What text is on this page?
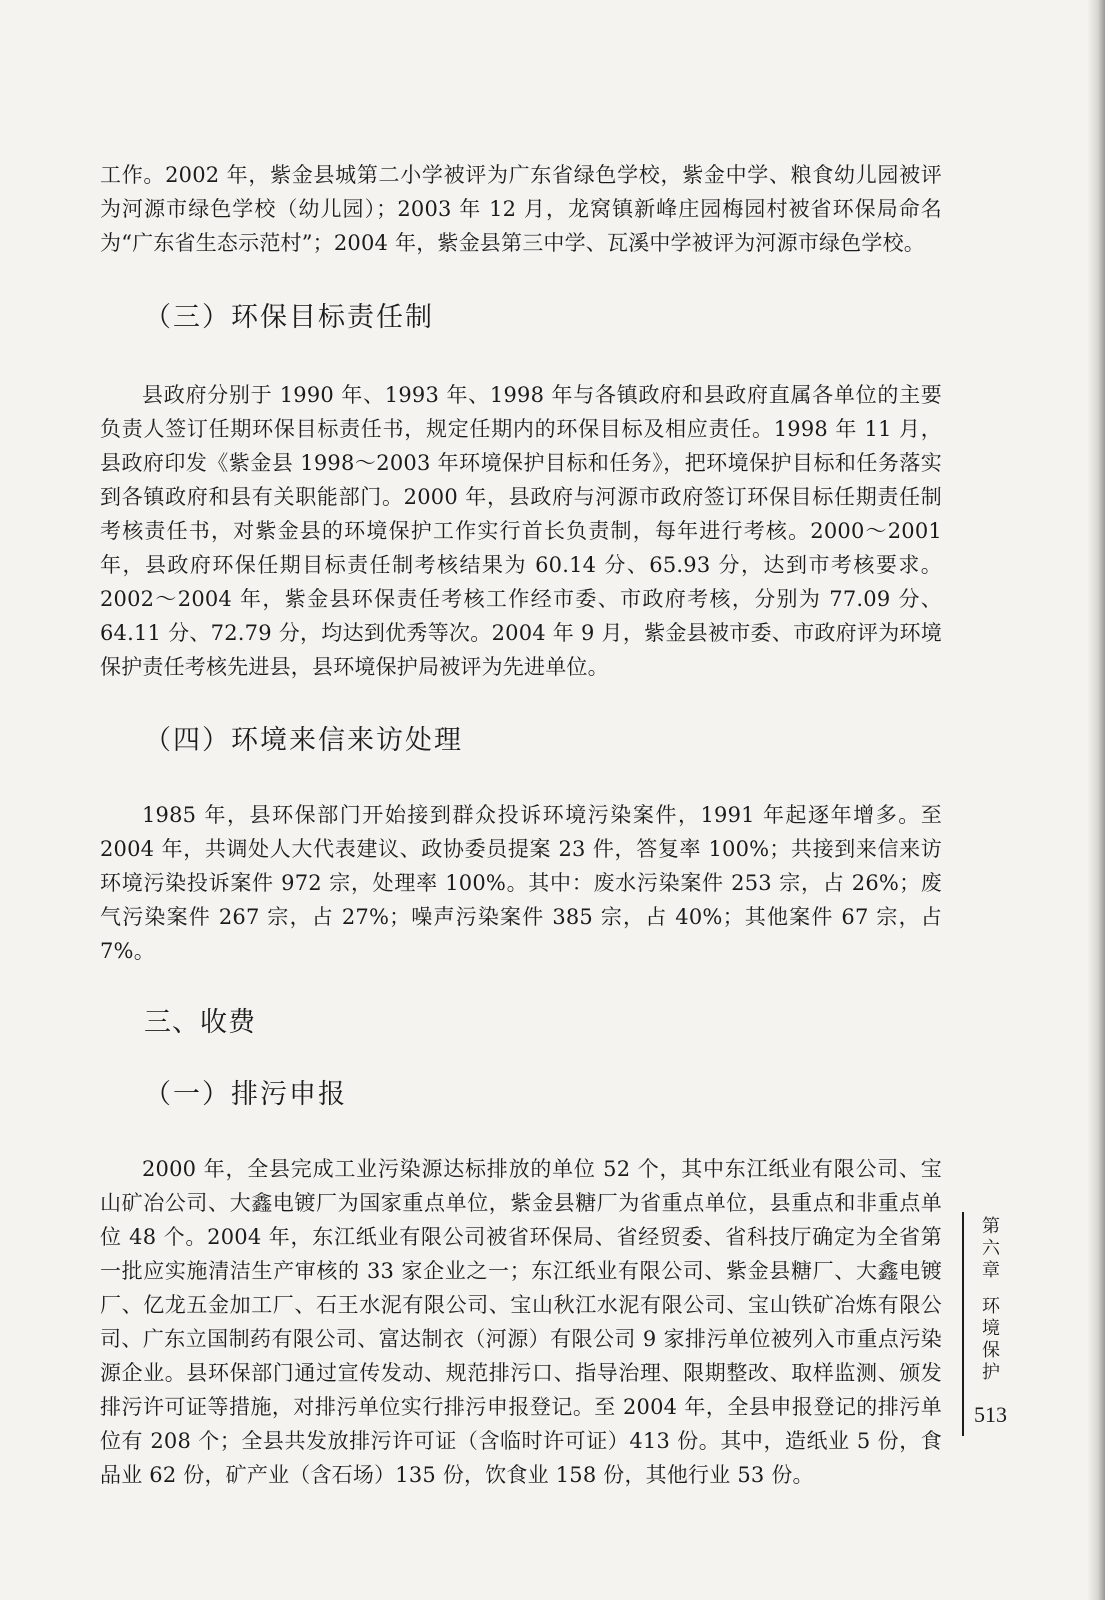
工作。2002 年，紫金县城第二小学被评为广东省绿色学校，紫金中学、粮食幼儿园被评为河源市绿色学校（幼儿园）；2003 年 12 月，龙窝镇新峰庄园梅园村被省环保局命名为“广东省生态示范村”；2004 年，紫金县第三中学、瓦溪中学被评为河源市绿色学校。

（三）环保目标责任制

县政府分别于 1990 年、1993 年、1998 年与各镇政府和县政府直属各单位的主要负责人签订任期环保目标责任书，规定任期内的环保目标及相应责任。1998 年 11 月，县政府印发《紫金县 1998～2003 年环境保护目标和任务》，把环境保护目标和任务落实到各镇政府和县有关职能部门。2000 年，县政府与河源市政府签订环保目标任期责任制考核责任书，对紫金县的环境保护工作实行首长负责制，每年进行考核。2000～2001 年，县政府环保任期目标责任制考核结果为 60.14 分、65.93 分，达到市考核要求。2002～2004 年，紫金县环保责任考核工作经市委、市政府考核，分别为 77.09 分、64.11 分、72.79 分，均达到优秀等次。2004 年 9 月，紫金县被市委、市政府评为环境保护责任考核先进县，县环境保护局被评为先进单位。

（四）环境来信来访处理

1985 年，县环保部门开始接到群众投诉环境污染案件，1991 年起逐年增多。至 2004 年，共调处人大代表建议、政协委员提案 23 件，答复率 100%；共接到来信来访环境污染投诉案件 972 宗，处理率 100%。其中：废水污染案件 253 宗，占 26%；废气污染案件 267 宗，占 27%；噪声污染案件 385 宗，占 40%；其他案件 67 宗，占 7%。

三、收费

（一）排污申报

2000 年，全县完成工业污染源达标排放的单位 52 个，其中东江纸业有限公司、宝山矿冶公司、大鑫电镀厂为国家重点单位，紫金县糖厂为省重点单位，县重点和非重点单位 48 个。2004 年，东江纸业有限公司被省环保局、省经贸委、省科技厅确定为全省第一批应实施清洁生产审核的 33 家企业之一；东江纸业有限公司、紫金县糖厂、大鑫电镀厂、亿龙五金加工厂、石王水泥有限公司、宝山秋江水泥有限公司、宝山铁矿冶炼有限公司、广东立国制药有限公司、富达制衣（河源）有限公司 9 家排污单位被列入市重点污染源企业。县环保部门通过宣传发动、规范排污口、指导治理、限期整改、取样监测、颁发排污许可证等措施，对排污单位实行排污申报登记。至 2004 年，全县申报登记的排污单位有 208 个；全县共发放排污许可证（含临时许可证）413 份。其中，造纸业 5 份，食品业 62 份，矿产业（含石场）135 份，饮食业 158 份，其他行业 53 份。

第六章
环境保护
513
